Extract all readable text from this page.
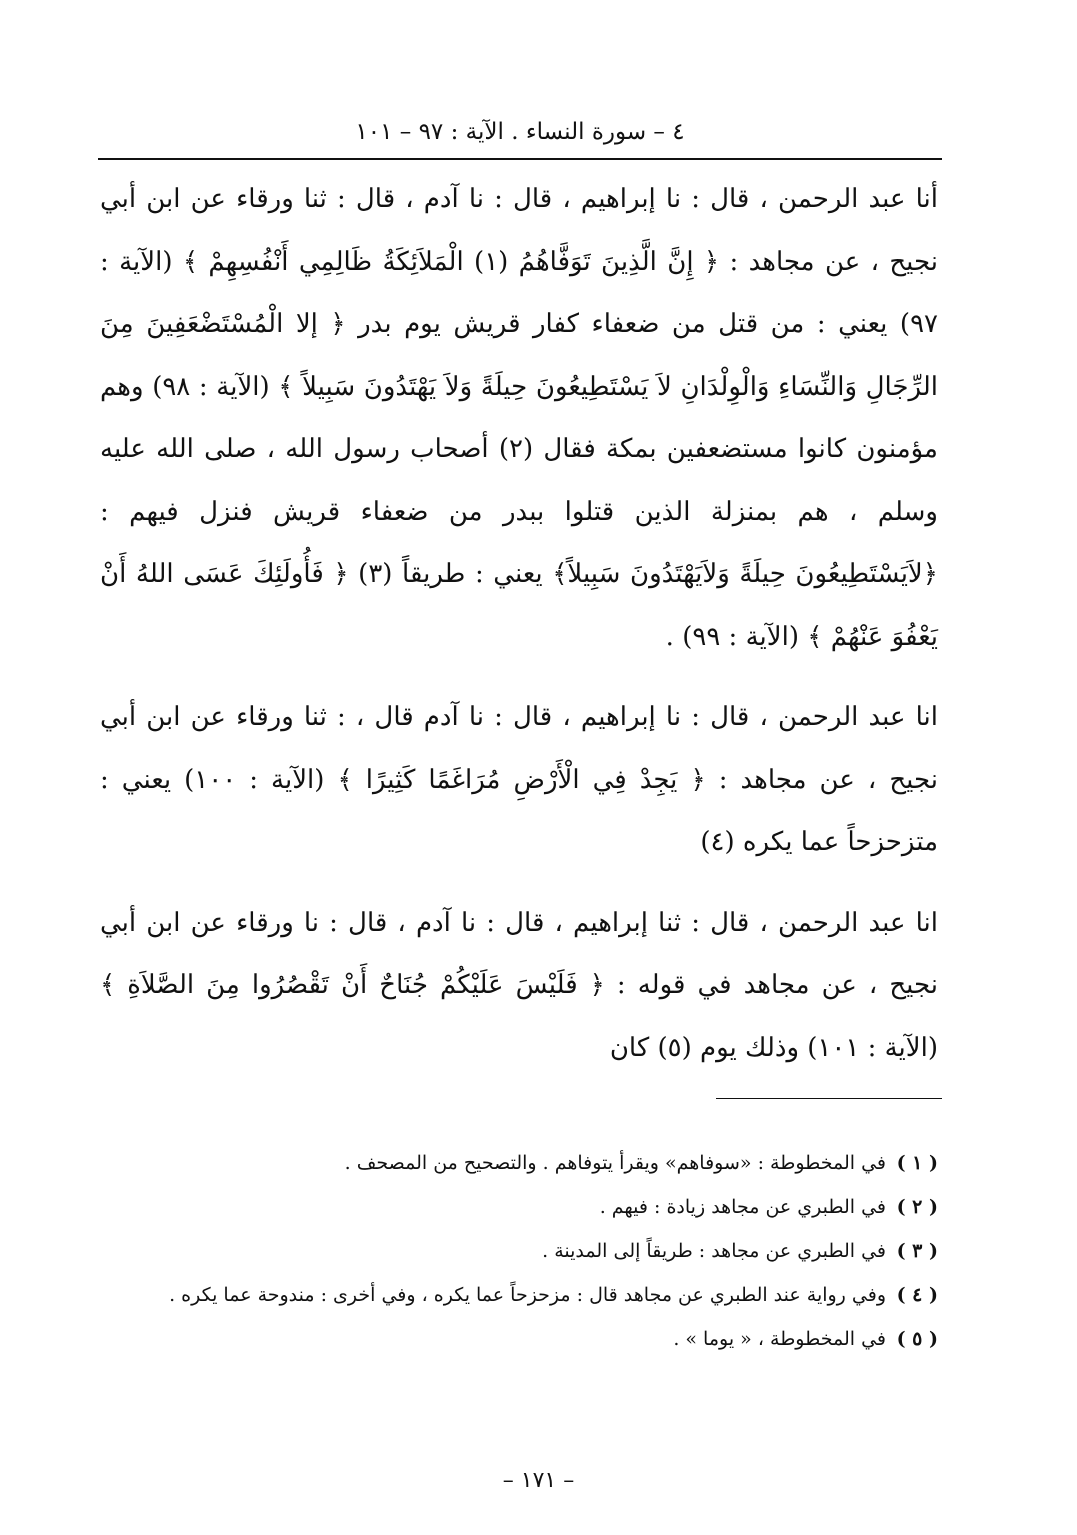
٤ – سورة النساء . الآية : ٩٧ – ١٠١

أنا عبد الرحمن ، قال : نا إبراهيم ، قال : نا آدم ، قال : ثنا ورقاء عن ابن أبي نجيح ، عن مجاهد : ﴿ إِنَّ الَّذِينَ تَوَفَّاهُمُ (١) الْمَلاَئِكَةُ ظَالِمِي أَنْفُسِهِمْ ﴾ (الآية : ٩٧) يعني : من قتل من ضعفاء كفار قريش يوم بدر ﴿ إلا الْمُسْتَضْعَفِينَ مِنَ الرِّجَالِ وَالنِّسَاءِ وَالْوِلْدَانِ لاَ يَسْتَطِيعُونَ حِيلَةً وَلاَ يَهْتَدُونَ سَبِيلاً ﴾ (الآية : ٩٨) وهم مؤمنون كانوا مستضعفين بمكة فقال (٢) أصحاب رسول الله ، صلى الله عليه وسلم ، هم بمنزلة الذين قتلوا ببدر من ضعفاء قريش فنزل فيهم : ﴿لاَيَسْتَطِيعُونَ حِيلَةً وَلاَيَهْتَدُونَ سَبِيلاً﴾ يعني : طريقاً (٣) ﴿ فَأُولَئِكَ عَسَى اللهُ أَنْ يَعْفُوَ عَنْهُمْ ﴾ (الآية : ٩٩) .

انا عبد الرحمن ، قال : نا إبراهيم ، قال : نا آدم قال ، : ثنا ورقاء عن ابن أبي نجيح ، عن مجاهد : ﴿ يَجِدْ فِي الْأَرْضِ مُرَاغَمًا كَثِيرًا ﴾ (الآية : ١٠٠) يعني : متزحزحاً عما يكره (٤)

انا عبد الرحمن ، قال : ثنا إبراهيم ، قال : نا آدم ، قال : نا ورقاء عن ابن أبي نجيح ، عن مجاهد في قوله : ﴿ فَلَيْسَ عَلَيْكُمْ جُنَاحٌ أَنْ تَقْصُرُوا مِنَ الصَّلاَةِ ﴾ (الآية : ١٠١) وذلك يوم (٥) كان

( ١ )
في المخطوطة : «سوفاهم» ويقرأ يتوفاهم . والتصحيح من المصحف .
( ٢ )
في الطبري عن مجاهد زيادة : فيهم .
( ٣ )
في الطبري عن مجاهد : طريقاً إلى المدينة .
( ٤ )
وفي رواية عند الطبري عن مجاهد قال : مزحزحاً عما يكره ، وفي أخرى : مندوحة عما يكره .
( ٥ )
في المخطوطة ، « يوما » .
– ١٧١ –
